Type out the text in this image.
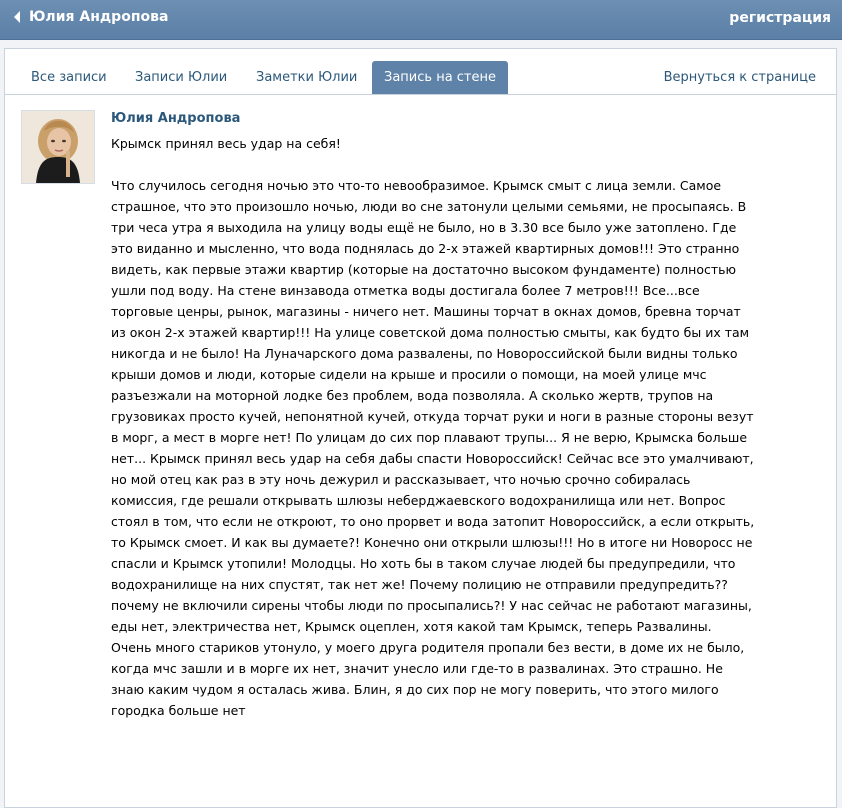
Юлия Андропова	регистрация
Все записи Записи Юлии Заметки Юлии	Запись на стене	Вернуться к странице
Юлия Андропова
Крымск принял весь удар на себя!

Что случилось сегодня ночью это что-то невообразимое. Крымск смыт с лица земли. Самое страшное, что это произошло ночью, люди во сне затонули целыми семьями, не просыпаясь. В три чеса утра я выходила на улицу воды ещё не было, но в 3.30 все было уже затоплено. Где это виданно и мысленно, что вода поднялась до 2-х этажей квартирных домов!!! Это странно видеть, как первые этажи квартир (которые на достаточно высоком фундаменте) полностью ушли под воду. На стене винзавода отметка воды достигала более 7 метров!!! Все...все торговые ценры, рынок, магазины - ничего нет. Машины торчат в окнах домов, бревна торчат из окон 2-х этажей квартир!!! На улице советской дома полностью смыты, как будто бы их там никогда и не было! На Луначарского дома развалены, по Новороссийской были видны только крыши домов и люди, которые сидели на крыше и просили о помощи, на моей улице мчс разъезжали на моторной лодке без проблем, вода позволяла. А сколько жертв, трупов на грузовиках просто кучей, непонятной кучей, откуда торчат руки и ноги в разные стороны везут в морг, а мест в морге нет! По улицам до сих пор плавают трупы... Я не верю, Крымска больше нет... Крымск принял весь удар на себя дабы спасти Новороссийск! Сейчас все это умалчивают, но мой отец как раз в эту ночь дежурил и рассказывает, что ночью срочно собиралась комиссия, где решали открывать шлюзы неберджаевского водохранилища или нет. Вопрос стоял в том, что если не откроют, то оно прорвет и вода затопит Новороссийск, а если открыть, то Крымск смоет. И как вы думаете?! Конечно они открыли шлюзы!!! Но в итоге ни Новоросс не спасли и Крымск утопили! Молодцы. Но хоть бы в таком случае людей бы предупредили, что водохранилище на них спустят, так нет же! Почему полицию не отправили предупредить?? почему не включили сирены чтобы люди по просыпались?! У нас сейчас не работают магазины, еды нет, электричества нет, Крымск оцеплен, хотя какой там Крымск, теперь Развалины. Очень много стариков утонуло, у моего друга родителя пропали без вести, в доме их не было, когда мчс зашли и в морге их нет, значит унесло или где-то в развалинах. Это страшно. Не знаю каким чудом я осталась жива. Блин, я до сих пор не могу поверить, что этого милого городка больше нет
